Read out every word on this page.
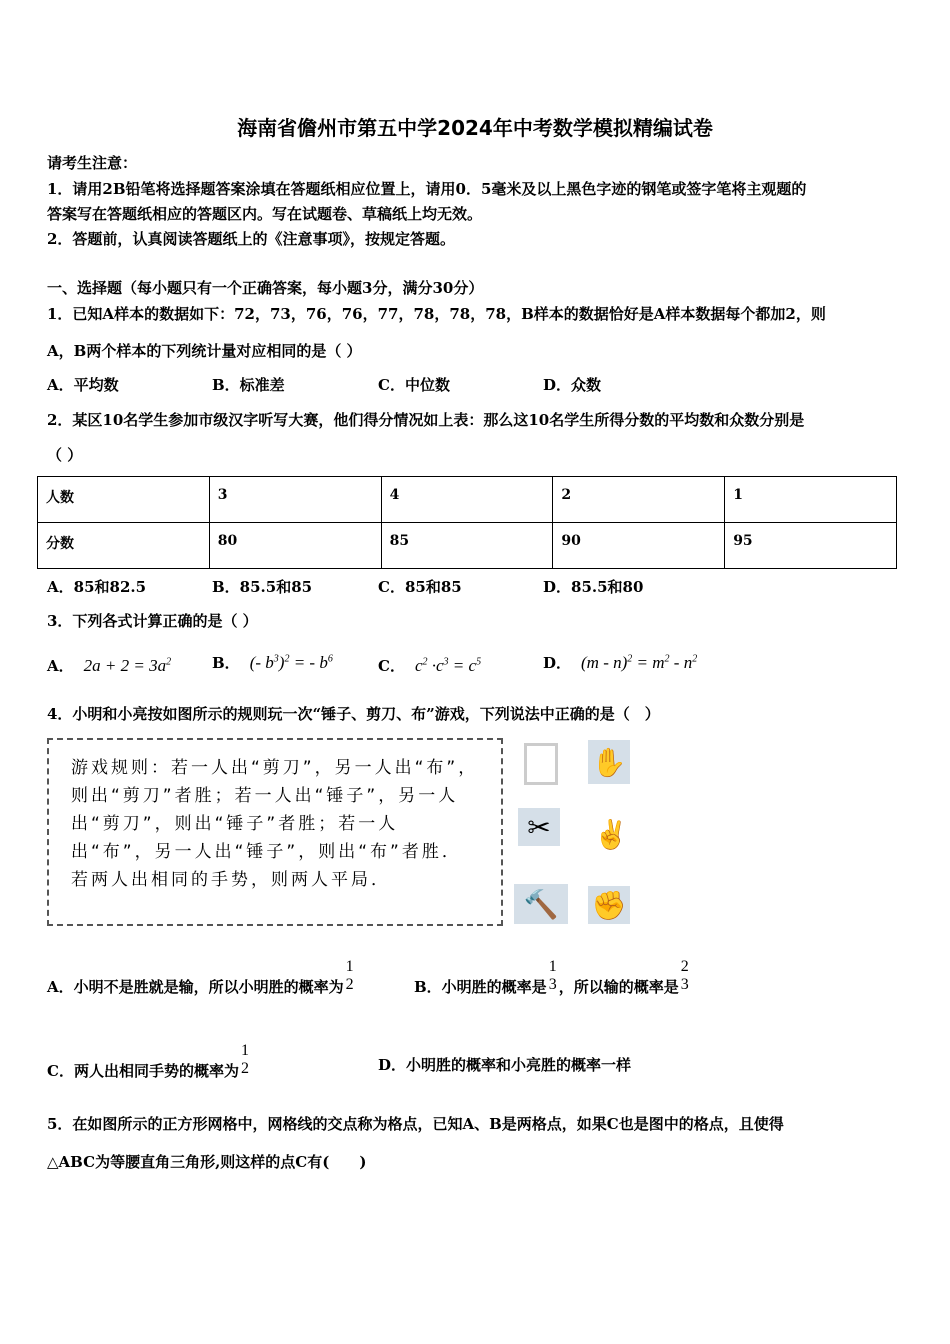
海南省儋州市第五中学2024年中考数学模拟精编试卷
请考生注意：
1．请用2B铅笔将选择题答案涂填在答题纸相应位置上，请用0．5毫米及以上黑色字迹的钢笔或签字笔将主观题的
答案写在答题纸相应的答题区内。写在试题卷、草稿纸上均无效。
2．答题前，认真阅读答题纸上的《注意事项》，按规定答题。
一、选择题（每小题只有一个正确答案，每小题3分，满分30分）
1．已知A样本的数据如下：72，73，76，76，77，78，78，78，B样本的数据恰好是A样本数据每个都加2，则
A，B两个样本的下列统计量对应相同的是（ ）
A．平均数	B．标准差	C．中位数	D．众数
2．某区10名学生参加市级汉字听写大赛，他们得分情况如上表：那么这10名学生所得分数的平均数和众数分别是
（ ）
人数	3	4	2	1
分数	80	85	90	95
A．85和82.5	B．85.5和85	C．85和85	D．85.5和80
3．下列各式计算正确的是（ ）
A． $2a + 2 = 3a^2$	B． (- $b^3)^2$ = - $b^6$	C． $c^2 \cdot c^3 = c^5$	D． $(m - n)^2 = m^2 - n^2$
4．小明和小亮按如图所示的规则玩一次“锤子、剪刀、布”游戏，下列说法中正确的是（　）
游戏规则：若一人出“剪刀”，另一人出“布”，则出“剪刀”者胜；若一人出“锤子”，另一人出“剪刀”，则出“锤子”者胜；若一人出“布”，另一人出“锤子”，则出“布”者胜．若两人出相同的手势，则两人平局．
✋
✂	✌
🔨	✊
A．小明不是胜就是输，所以小明胜的概率为
1
2	B．小明胜的概率是
1
3 ，所以输的概率是
2
3
C．两人出相同手势的概率为
1
2	D．小明胜的概率和小亮胜的概率一样
5．在如图所示的正方形网格中，网格线的交点称为格点，已知A、B是两格点，如果C也是图中的格点，且使得
△ABC为等腰直角三角形,则这样的点C有(　　)
